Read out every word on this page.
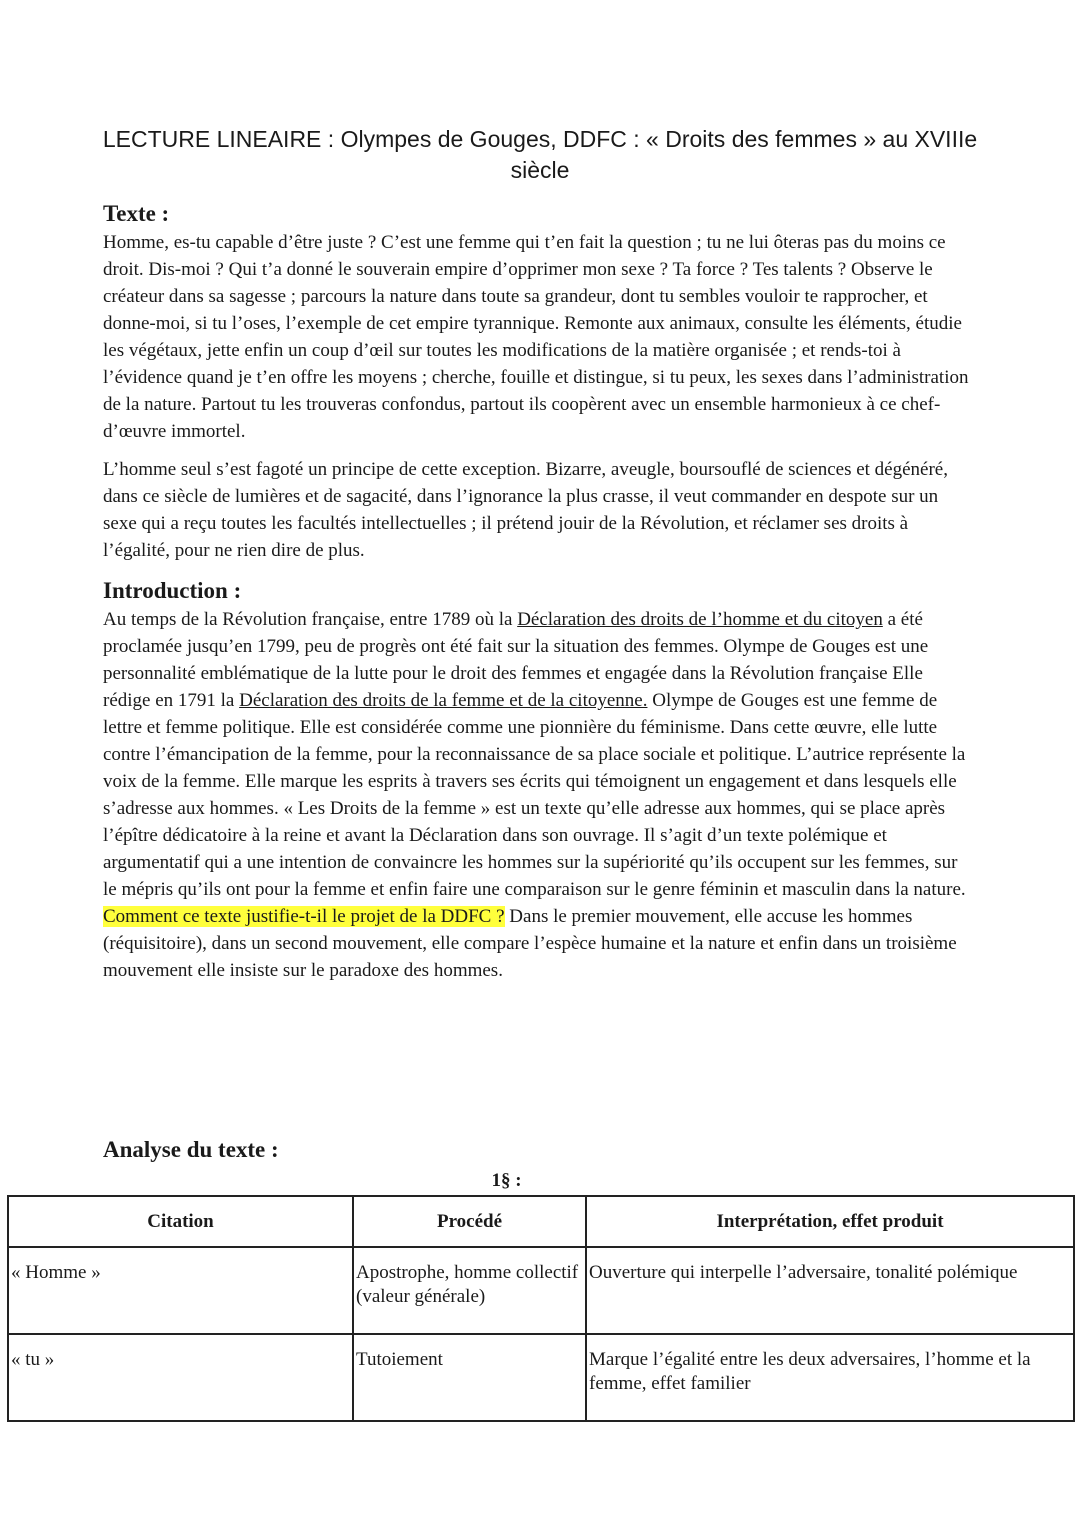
LECTURE LINEAIRE : Olympes de Gouges, DDFC : « Droits des femmes » au XVIIIe siècle
Texte :

Homme, es-tu capable d’être juste ? C’est une femme qui t’en fait la question ; tu ne lui ôteras pas du moins ce droit. Dis-moi ? Qui t’a donné le souverain empire d’opprimer mon sexe ? Ta force ? Tes talents ? Observe le créateur dans sa sagesse ; parcours la nature dans toute sa grandeur, dont tu sembles vouloir te rapprocher, et donne-moi, si tu l’oses, l’exemple de cet empire tyrannique. Remonte aux animaux, consulte les éléments, étudie les végétaux, jette enfin un coup d’œil sur toutes les modifications de la matière organisée ; et rends-toi à l’évidence quand je t’en offre les moyens ; cherche, fouille et distingue, si tu peux, les sexes dans l’administration de la nature. Partout tu les trouveras confondus, partout ils coopèrent avec un ensemble harmonieux à ce chef-d’œuvre immortel.

L’homme seul s’est fagoté un principe de cette exception. Bizarre, aveugle, boursouflé de sciences et dégénéré, dans ce siècle de lumières et de sagacité, dans l’ignorance la plus crasse, il veut commander en despote sur un sexe qui a reçu toutes les facultés intellectuelles ; il prétend jouir de la Révolution, et réclamer ses droits à l’égalité, pour ne rien dire de plus.

Introduction :

Au temps de la Révolution française, entre 1789 où la Déclaration des droits de l’homme et du citoyen a été proclamée jusqu’en 1799, peu de progrès ont été fait sur la situation des femmes. Olympe de Gouges est une personnalité emblématique de la lutte pour le droit des femmes et engagée dans la Révolution française Elle rédige en 1791 la Déclaration des droits de la femme et de la citoyenne. Olympe de Gouges est une femme de lettre et femme politique. Elle est considérée comme une pionnière du féminisme. Dans cette œuvre, elle lutte contre l’émancipation de la femme, pour la reconnaissance de sa place sociale et politique. L’autrice représente la voix de la femme. Elle marque les esprits à travers ses écrits qui témoignent un engagement et dans lesquels elle s’adresse aux hommes. « Les Droits de la femme » est un texte qu’elle adresse aux hommes, qui se place après l’épître dédicatoire à la reine et avant la Déclaration dans son ouvrage. Il s’agit d’un texte polémique et argumentatif qui a une intention de convaincre les hommes sur la supériorité qu’ils occupent sur les femmes, sur le mépris qu’ils ont pour la femme et enfin faire une comparaison sur le genre féminin et masculin dans la nature. Comment ce texte justifie-t-il le projet de la DDFC ? Dans le premier mouvement, elle accuse les hommes (réquisitoire), dans un second mouvement, elle compare l’espèce humaine et la nature et enfin dans un troisième mouvement elle insiste sur le paradoxe des hommes.

Analyse du texte :

1§ :

Citation	Procédé	Interprétation, effet produit
« Homme »	Apostrophe, homme collectif (valeur générale)	Ouverture qui interpelle l’adversaire, tonalité polémique
« tu »	Tutoiement	Marque l’égalité entre les deux adversaires, l’homme et la femme, effet familier
